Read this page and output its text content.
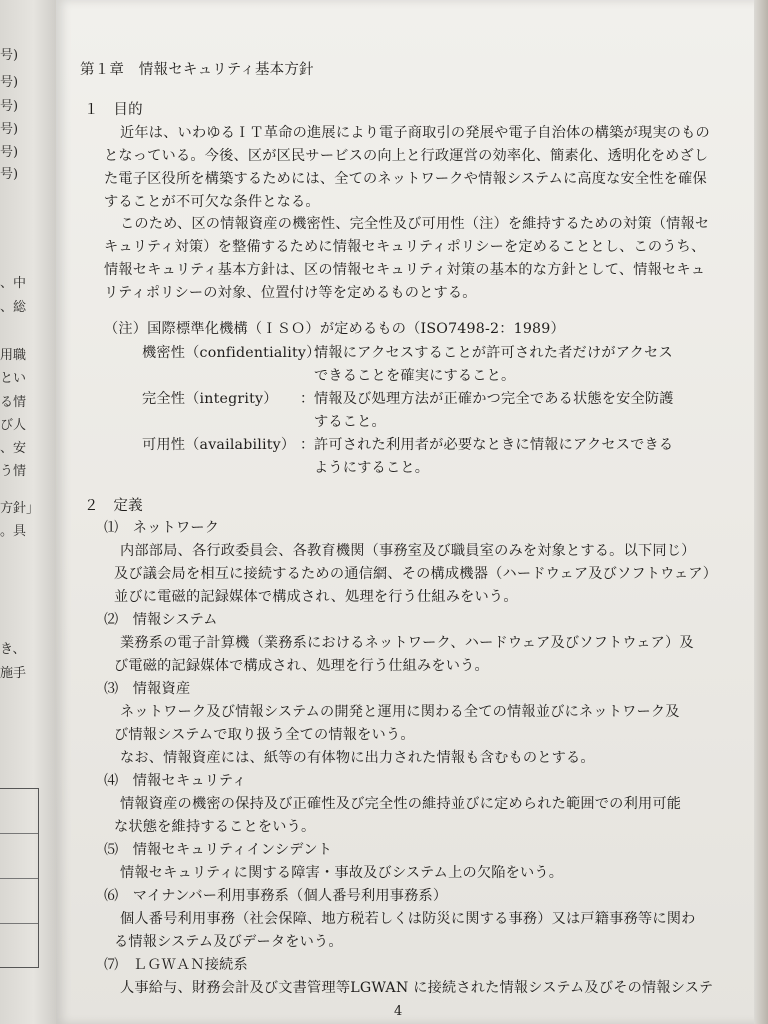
号)
号)
号)
号)
号)
号)
、中
、総
用職
とい
る情
び人
、安
う情
方針」
。具
き、
施手
第１章　情報セキュリティ基本方針
１　目的
近年は、いわゆるＩＴ革命の進展により電子商取引の発展や電子自治体の構築が現実のもの
となっている。今後、区が区民サービスの向上と行政運営の効率化、簡素化、透明化をめざし
た電子区役所を構築するためには、全てのネットワークや情報システムに高度な安全性を確保
することが不可欠な条件となる。
このため、区の情報資産の機密性、完全性及び可用性（注）を維持するための対策（情報セ
キュリティ対策）を整備するために情報セキュリティポリシーを定めることとし、このうち、
情報セキュリティ基本方針は、区の情報セキュリティ対策の基本的な方針として、情報セキュ
リティポリシーの対象、位置付け等を定めるものとする。
（注）国際標準化機構（ＩＳＯ）が定めるもの（ISO7498-2：1989）
機密性（confidentiality）：
情報にアクセスすることが許可された者だけがアクセス
できることを確実にすること。
完全性（integrity） ： 情報及び処理方法が正確かつ完全である状態を安全防護
すること。
可用性（availability） ： 許可された利用者が必要なときに情報にアクセスできる
ようにすること。
２　定義
⑴　ネットワーク
内部部局、各行政委員会、各教育機関（事務室及び職員室のみを対象とする。以下同じ）
及び議会局を相互に接続するための通信網、その構成機器（ハードウェア及びソフトウェア）
並びに電磁的記録媒体で構成され、処理を行う仕組みをいう。
⑵　情報システム
業務系の電子計算機（業務系におけるネットワーク、ハードウェア及びソフトウェア）及
び電磁的記録媒体で構成され、処理を行う仕組みをいう。
⑶　情報資産
ネットワーク及び情報システムの開発と運用に関わる全ての情報並びにネットワーク及
び情報システムで取り扱う全ての情報をいう。
なお、情報資産には、紙等の有体物に出力された情報も含むものとする。
⑷　情報セキュリティ
情報資産の機密の保持及び正確性及び完全性の維持並びに定められた範囲での利用可能
な状態を維持することをいう。
⑸　情報セキュリティインシデント
情報セキュリティに関する障害・事故及びシステム上の欠陥をいう。
⑹　マイナンバー利用事務系（個人番号利用事務系）
個人番号利用事務（社会保障、地方税若しくは防災に関する事務）又は戸籍事務等に関わ
る情報システム及びデータをいう。
⑺　ＬＧＷＡＮ接続系
人事給与、財務会計及び文書管理等LGWAN に接続された情報システム及びその情報システ
4
